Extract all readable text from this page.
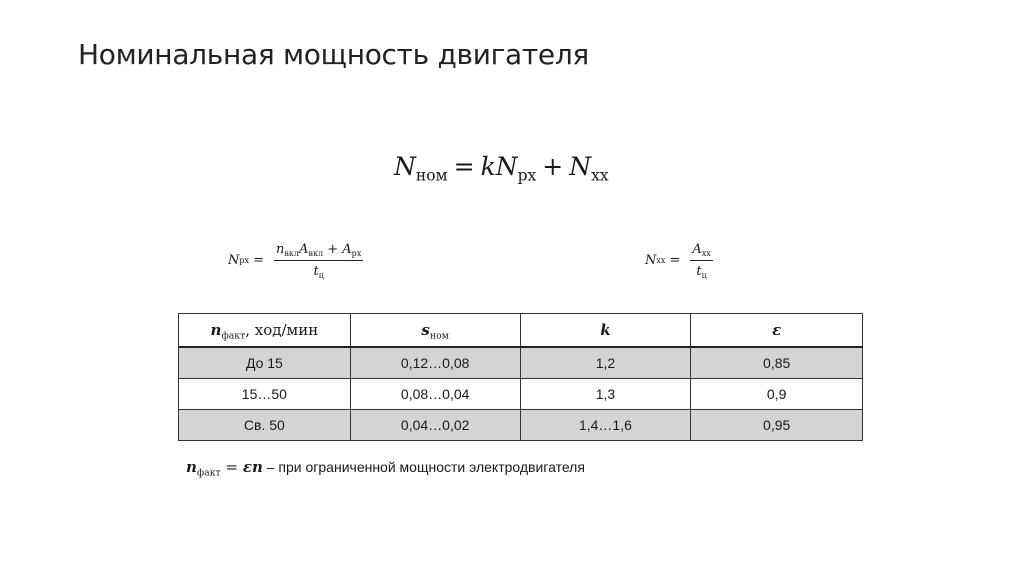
Номинальная мощность двигателя
$N_{ном} = kN_{рх} + N_{хх}$
N рх = $\frac{n_{вкл}A_{вкл} + A_{рх}}{t_ц}$	N хх = $\frac{A_{хх}}{t_ц}$
$n_{факт}$, ход/мин	$s_{ном}$	k	ε
До 15	0,12…0,08	1,2	0,85
15…50	0,08…0,04	1,3	0,9
Св. 50	0,04…0,02	1,4…1,6	0,95
$n_{факт} = \varepsilon n$ – при ограниченной мощности электродвигателя
